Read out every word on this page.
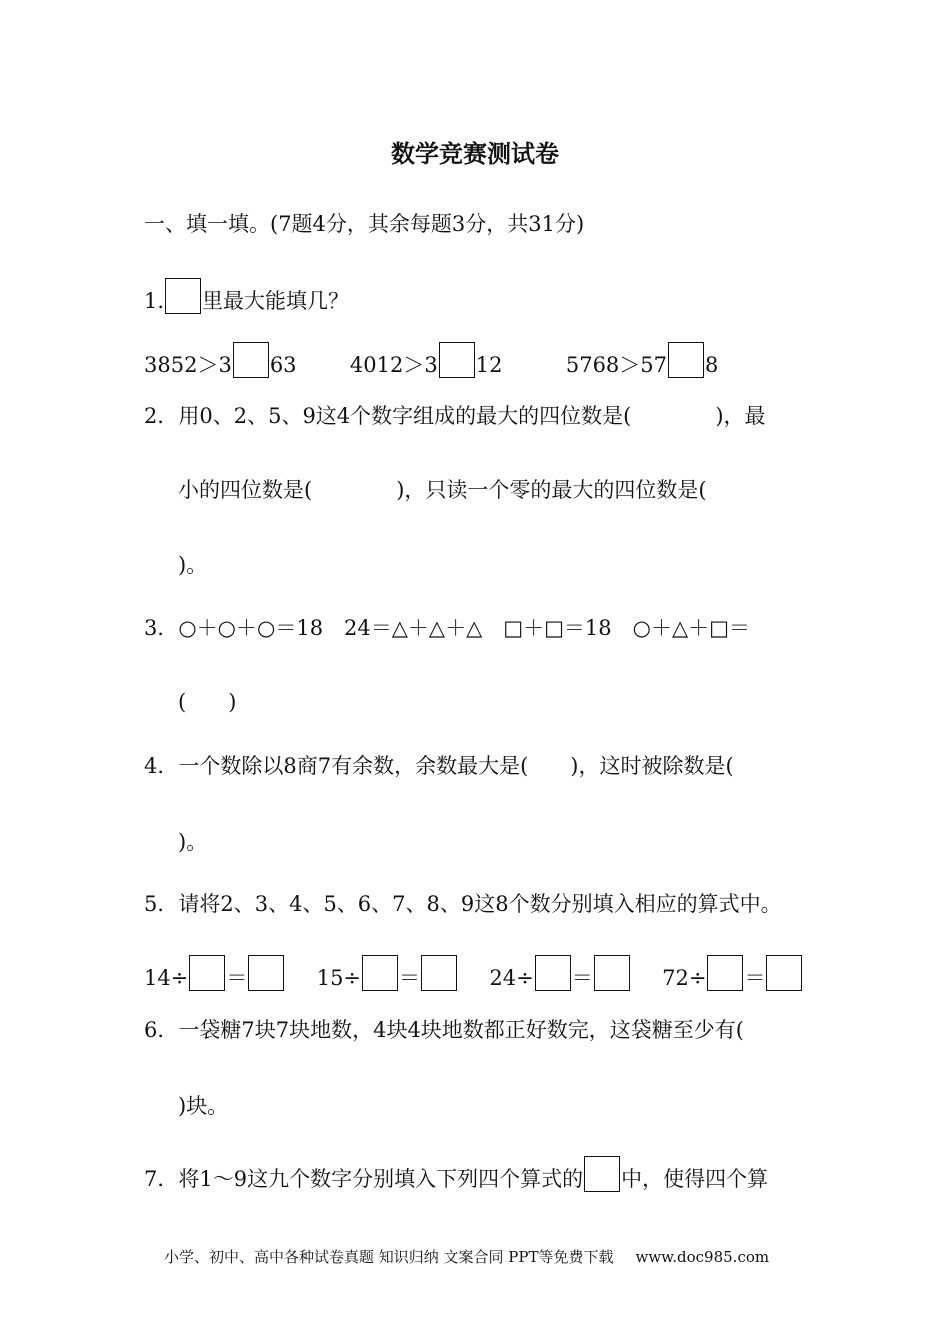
数学竞赛测试卷
一、填一填。(7题4分，其余每题3分，共31分)
1. 里最大能填几？
3852＞3 63	4012＞3 12	5768＞57 8
2．用0、2、5、9这4个数字组成的最大的四位数是(　　　　)，最
小的四位数是(　　　　)，只读一个零的最大的四位数是(
)。
3．○＋○＋○＝18　24＝△＋△＋△　□＋□＝18　○＋△＋□＝
(　　)
4．一个数除以8商7有余数，余数最大是(　　)，这时被除数是(
)。
5．请将2、3、4、5、6、7、8、9这8个数分别填入相应的算式中。
14÷ ＝	15÷ ＝	24÷ ＝	72÷ ＝
6．一袋糖7块7块地数，4块4块地数都正好数完，这袋糖至少有(
)块。
7．将1～9这九个数字分别填入下列四个算式的 中，使得四个算
小学、初中、高中各种试卷真题 知识归纳 文案合同 PPT等免费下载 www.doc985.com
